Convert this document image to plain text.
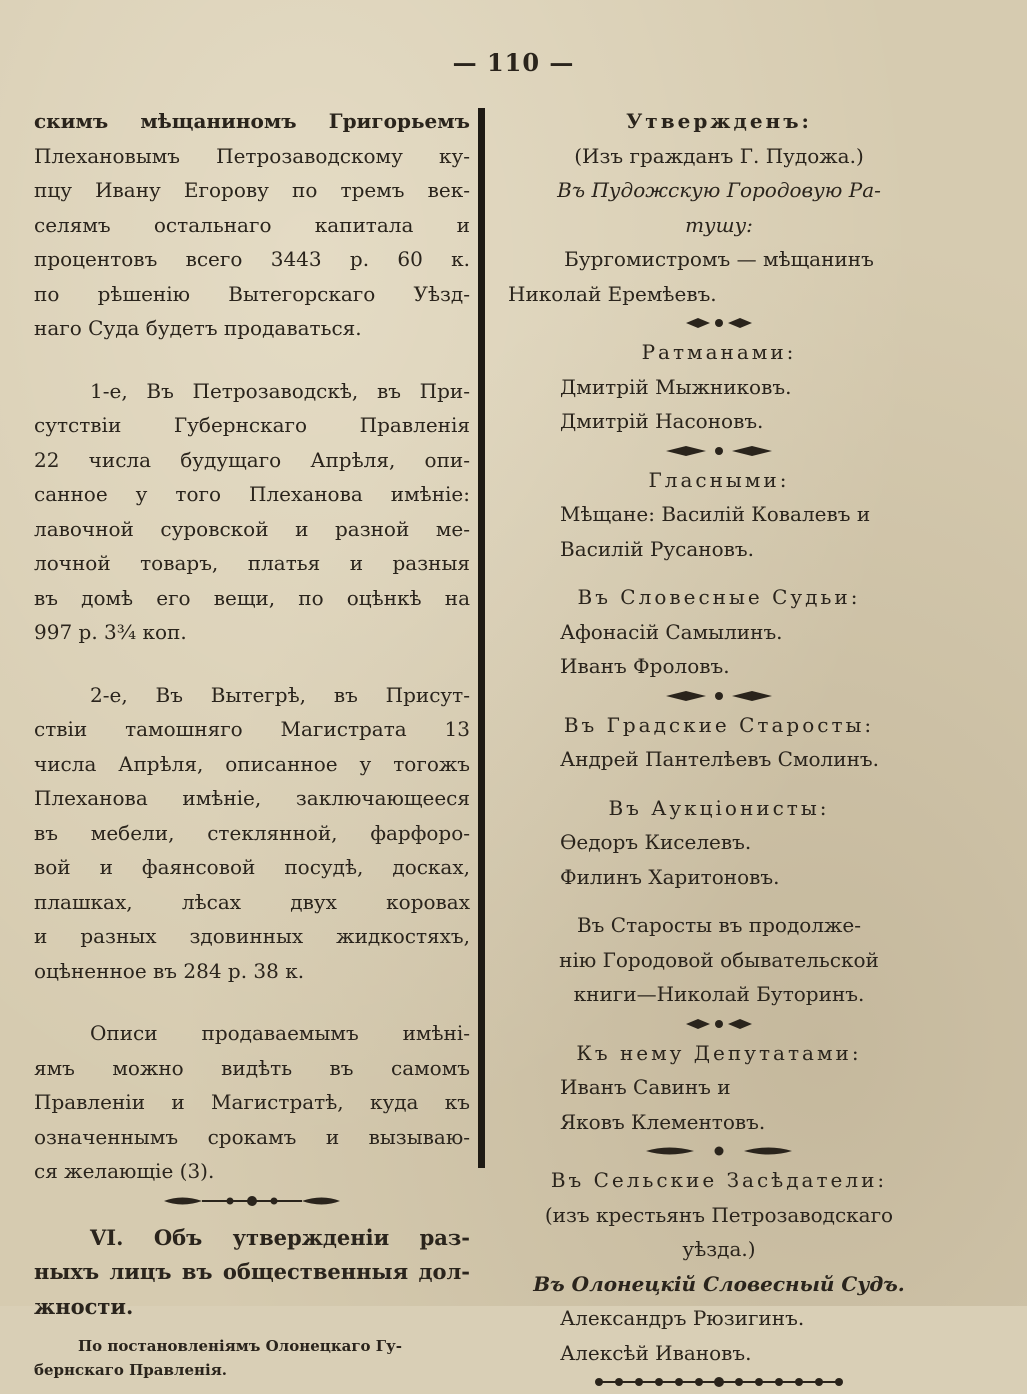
— 110 —
скимъ мѣщаниномъ Григорьемъ
Плехановымъ Петрозаводскому ку-
пцу Ивану Егорову по тремъ век-
селямъ остальнаго капитала и
процентовъ всего 3443 р. 60 к.
по рѣшенію Вытегорскаго Уѣзд-
наго Суда будетъ продаваться.
1-е, Въ Петрозаводскѣ, въ При-
сутствіи Губернскаго Правленія
22 числа будущаго Апрѣля, опи-
санное у того Плеханова имѣніе:
лавочной суровской и разной ме-
лочной товаръ, платья и разныя
въ домѣ его вещи, по оцѣнкѣ на
997 р. 3¾ коп.
2-е, Въ Вытегрѣ, въ Присут-
ствіи тамошняго Магистрата 13
числа Апрѣля, описанное у тогожъ
Плеханова имѣніе, заключающееся
въ мебели, стеклянной, фарфоро-
вой и фаянсовой посудѣ, досках,
плашках, лѣсах двух коровах
и разных здовинных жидкостяхъ,
оцѣненное въ 284 р. 38 к.
Описи продаваемымъ имѣні-
ямъ можно видѣть въ самомъ
Правленіи и Магистратѣ, куда къ
означеннымъ срокамъ и вызываю-
ся желающіе (3).
VI. Объ утвержденіи раз-
ныхъ лицъ въ общественныя дол-
жности.
По постановленіямъ Олонецкаго Гу-
бернскаго Правленія.
Утвержденъ:
(Изъ гражданъ Г. Пудожа.)
Въ Пудожскую Городовую Ра-
тушу:
Бургомистромъ — мѣщанинъ
Николай Еремѣевъ.
Ратманами:
Дмитрій Мыжниковъ.
Дмитрій Насоновъ.
Гласными:
Мѣщане: Василій Ковалевъ и
Василій Русановъ.
Въ Словесные Судьи:
Афонасій Самылинъ.
Иванъ Фроловъ.
Въ Градские Старосты:
Андрей Пантелѣевъ Смолинъ.
Въ Аукціонисты:
Өедоръ Киселевъ.
Филинъ Харитоновъ.
Въ Старосты въ продолже-
нію Городовой обывательской
книги—Николай Буторинъ.
Къ нему Депутатами:
Иванъ Савинъ и
Яковъ Клементовъ.
Въ Сельские Засѣдатели:
(изъ крестьянъ Петрозаводскаго
уѣзда.)
Въ Олонецкій Словесный Судъ.
Александръ Рюзигинъ.
Алексѣй Ивановъ.
